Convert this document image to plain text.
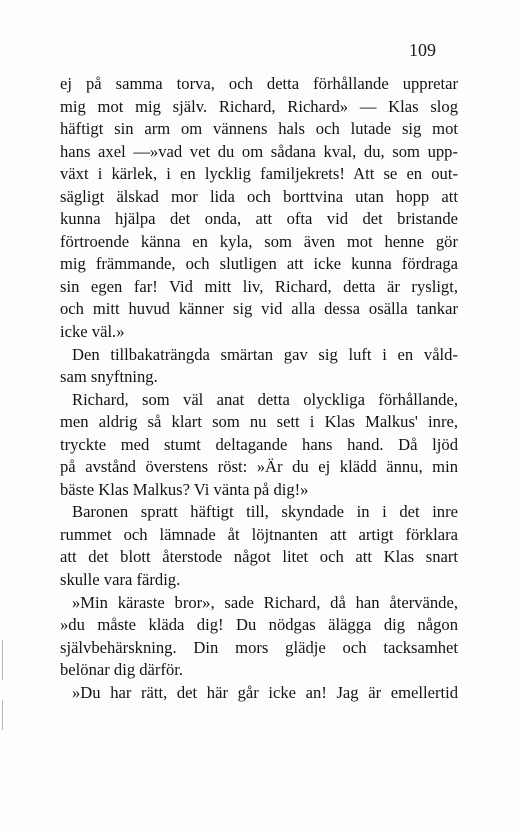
109
ej på samma torva, och detta förhållande uppretar
mig mot mig själv. Richard, Richard» — Klas slog
häftigt sin arm om vännens hals och lutade sig mot
hans axel —»vad vet du om sådana kval, du, som upp-
växt i kärlek, i en lycklig familjekrets! Att se en out-
sägligt älskad mor lida och borttvina utan hopp att
kunna hjälpa det onda, att ofta vid det bristande
förtroende känna en kyla, som även mot henne gör
mig främmande, och slutligen att icke kunna fördraga
sin egen far! Vid mitt liv, Richard, detta är rysligt,
och mitt huvud känner sig vid alla dessa osälla tankar
icke väl.»
Den tillbakaträngda smärtan gav sig luft i en våld-
sam snyftning.
Richard, som väl anat detta olyckliga förhållande,
men aldrig så klart som nu sett i Klas Malkus' inre,
tryckte med stumt deltagande hans hand. Då ljöd
på avstånd överstens röst: »Är du ej klädd ännu, min
bäste Klas Malkus? Vi vänta på dig!»
Baronen spratt häftigt till, skyndade in i det inre
rummet och lämnade åt löjtnanten att artigt förklara
att det blott återstode något litet och att Klas snart
skulle vara färdig.
»Min käraste bror», sade Richard, då han återvände,
»du måste kläda dig! Du nödgas älägga dig någon
självbehärskning. Din mors glädje och tacksamhet
belönar dig därför.
»Du har rätt, det här går icke an! Jag är emellertid
